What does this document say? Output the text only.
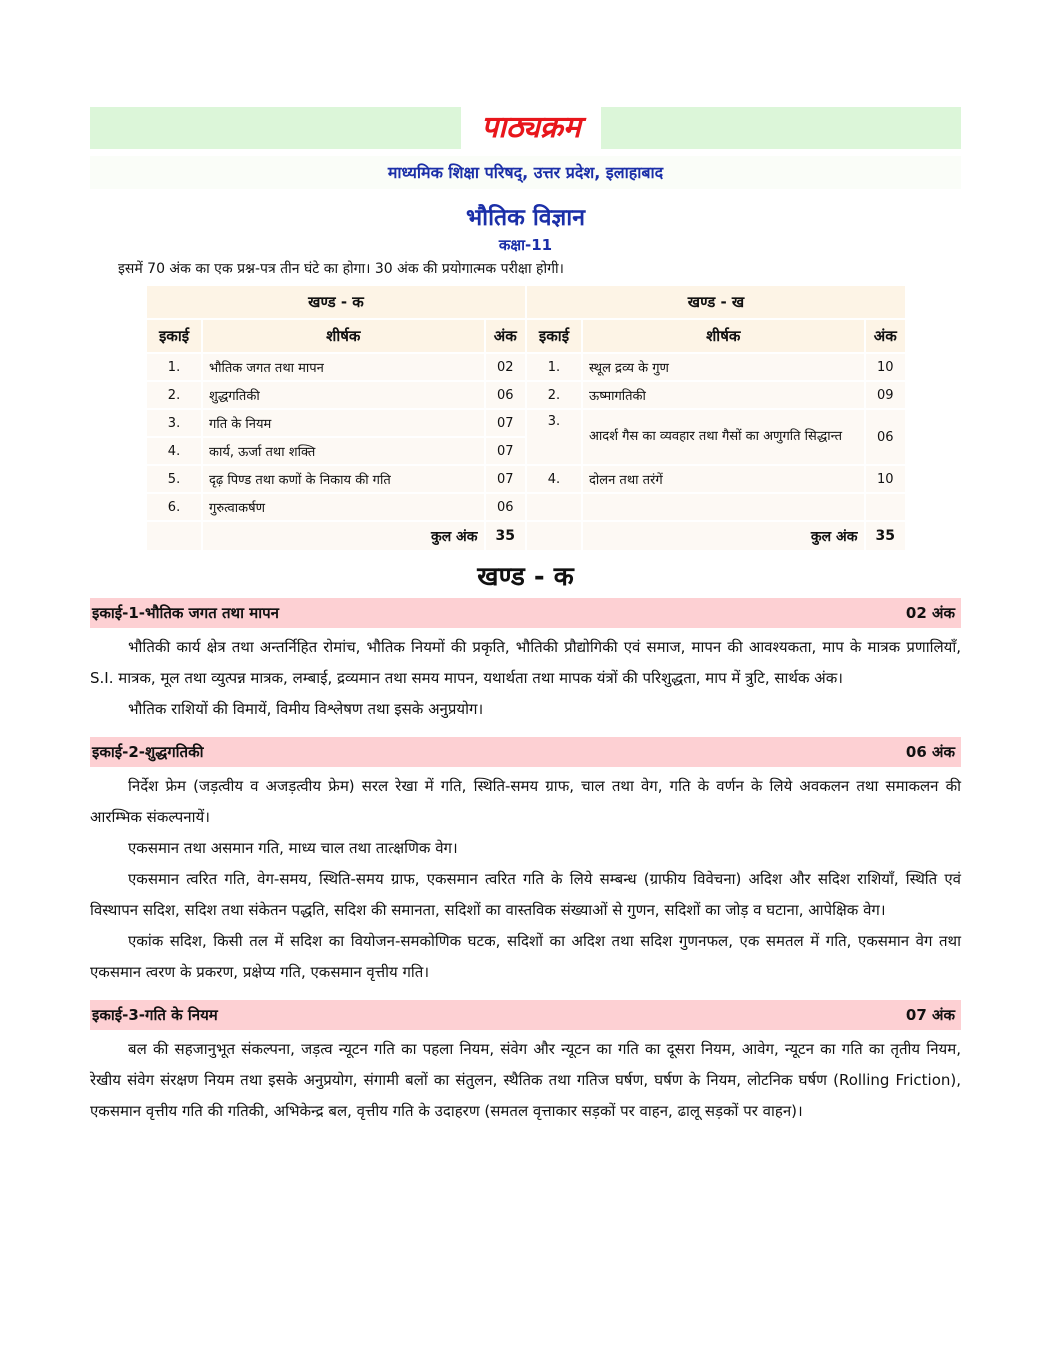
पाठ्यक्रम
माध्यमिक शिक्षा परिषद्, उत्तर प्रदेश, इलाहाबाद
भौतिक विज्ञान
कक्षा-11
इसमें 70 अंक का एक प्रश्न-पत्र तीन घंटे का होगा। 30 अंक की प्रयोगात्मक परीक्षा होगी।
खण्ड - क			खण्ड - ख		
इकाई	शीर्षक	अंक	इकाई	शीर्षक	अंक
1.	भौतिक जगत तथा मापन	02	1.	स्थूल द्रव्य के गुण	10
2.	शुद्धगतिकी	06	2.	ऊष्मागतिकी	09
3.	गति के नियम	07	3.	आदर्श गैस का व्यवहार तथा गैसों का अणुगति सिद्धान्त	06
4.	कार्य, ऊर्जा तथा शक्ति	07			
5.	दृढ़ पिण्ड तथा कणों के निकाय की गति	07	4.	दोलन तथा तरंगें	10
6.	गुरुत्वाकर्षण	06			
	कुल अंक	35		कुल अंक	35
खण्ड - क
इकाई-1-भौतिक जगत तथा मापन	02 अंक

भौतिकी कार्य क्षेत्र तथा अन्तर्निहित रोमांच, भौतिक नियमों की प्रकृति, भौतिकी प्रौद्योगिकी एवं समाज, मापन की आवश्यकता, माप के मात्रक प्रणालियाँ, S.I. मात्रक, मूल तथा व्युत्पन्न मात्रक, लम्बाई, द्रव्यमान तथा समय मापन, यथार्थता तथा मापक यंत्रों की परिशुद्धता, माप में त्रुटि, सार्थक अंक।

भौतिक राशियों की विमायें, विमीय विश्लेषण तथा इसके अनुप्रयोग।

इकाई-2-शुद्धगतिकी	06 अंक

निर्देश फ्रेम (जड़त्वीय व अजड़त्वीय फ्रेम) सरल रेखा में गति, स्थिति-समय ग्राफ, चाल तथा वेग, गति के वर्णन के लिये अवकलन तथा समाकलन की आरम्भिक संकल्पनायें।

एकसमान तथा असमान गति, माध्य चाल तथा तात्क्षणिक वेग।

एकसमान त्वरित गति, वेग-समय, स्थिति-समय ग्राफ, एकसमान त्वरित गति के लिये सम्बन्ध (ग्राफीय विवेचना) अदिश और सदिश राशियाँ, स्थिति एवं विस्थापन सदिश, सदिश तथा संकेतन पद्धति, सदिश की समानता, सदिशों का वास्तविक संख्याओं से गुणन, सदिशों का जोड़ व घटाना, आपेक्षिक वेग।

एकांक सदिश, किसी तल में सदिश का वियोजन-समकोणिक घटक, सदिशों का अदिश तथा सदिश गुणनफल, एक समतल में गति, एकसमान वेग तथा एकसमान त्वरण के प्रकरण, प्रक्षेप्य गति, एकसमान वृत्तीय गति।

इकाई-3-गति के नियम	07 अंक

बल की सहजानुभूत संकल्पना, जड़त्व न्यूटन गति का पहला नियम, संवेग और न्यूटन का गति का दूसरा नियम, आवेग, न्यूटन का गति का तृतीय नियम, रेखीय संवेग संरक्षण नियम तथा इसके अनुप्रयोग, संगामी बलों का संतुलन, स्थैतिक तथा गतिज घर्षण, घर्षण के नियम, लोटनिक घर्षण (Rolling Friction), एकसमान वृत्तीय गति की गतिकी, अभिकेन्द्र बल, वृत्तीय गति के उदाहरण (समतल वृत्ताकार सड़कों पर वाहन, ढालू सड़कों पर वाहन)।
